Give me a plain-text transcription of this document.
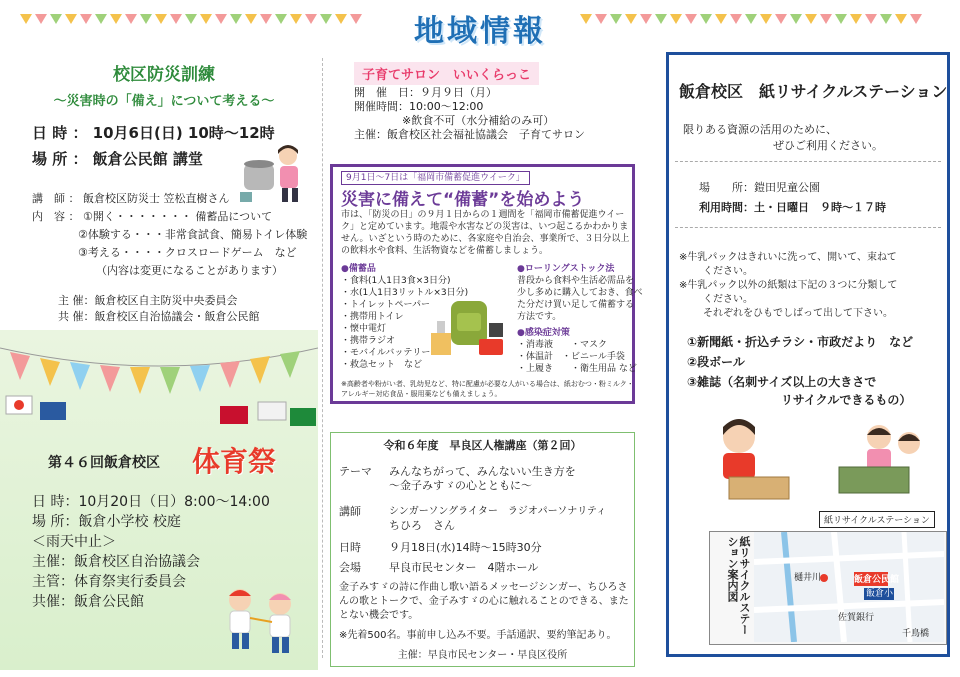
地域情報
校区防災訓練
～災害時の「備え」について考える～
日 時 ： 10月6日(日) 10時～12時
場 所 ： 飯倉公民館 講堂
講　師 ： 飯倉校区防災士 笠松直樹さん
内　容 ： ①開く・・・・・・・ 備蓄品について
②体験する・・・非常食試食、簡易トイレ体験
③考える・・・・クロスロードゲーム　など
（内容は変更になることがあります）
主 催：飯倉校区自主防災中央委員会
共 催：飯倉校区自治協議会・飯倉公民館
第４６回飯倉校区 体育祭
日 時：10月20日（日）8:00～14:00
場 所：飯倉小学校 校庭
＜雨天中止＞
主催：飯倉校区自治協議会
主管：体育祭実行委員会
共催：飯倉公民館
子育てサロン　いいくらっこ
開　催　日：９月９日（月）
開催時間：10:00～12:00
※飲食不可（水分補給のみ可）
主催：飯倉校区社会福祉協議会　子育てサロン
9月1日～7日は「福岡市備蓄促進ウイーク」
災害に備えて“備蓄”を始めよう
市は、「防災の日」の９月１日からの１週間を「福岡市備蓄促進ウイー
ク」と定めています。地震や水害などの災害は、いつ起こるかわかりま
せん。いざという時のために、各家庭や自治会、事業所で、３日分以上
の飲料水や食料、生活物資などを備蓄しましょう。
●備蓄品
・食料(1人1日3食×3日分)
・水(1人1日3リットル×3日分)
・トイレットペーパー
・携帯用トイレ
・懐中電灯
・携帯ラジオ
・モバイルバッテリー
・救急セット　など
●ローリングストック法
普段から食料や生活必需品を
少し多めに購入しておき、食べ
た分だけ買い足して備蓄する
方法です。
●感染症対策
・消毒液　　・マスク
・体温計　・ビニール手袋
・上履き　　・衛生用品 など
※高齢者や粉がい者、乳幼児など、特に配慮が必要な人がいる場合は、紙おむつ・粉ミルク・
アレルギー対応食品・服用薬なども備えましょう。
令和６年度　早良区人権講座（第２回）
テーマ みんなちがって、みんないい生き方を
～金子みすゞの心とともに～
講師	シンガーソングライター　ラジオパーソナリティ
ちひろ　さん
日時	９月18日(水)14時～15時30分
会場	早良市民センター　4階ホール
金子みすゞの詩に作曲し歌い語るメッセージシンガー、ちひろさ
んの歌とトークで、金子みすゞの心に触れることのできる、また
とない機会です。
※先着500名。事前申し込み不要。手話通訳、要約筆記あり。
主催：早良市民センター・早良区役所
飯倉校区　紙リサイクルステーション
限りある資源の活用のために、
ぜひご利用ください。
場　　所：鎧田児童公園
利用時間：土・日曜日　９時～１７時
※牛乳パックはきれいに洗って、開いて、束ねて
ください。
※牛乳パック以外の紙類は下記の３つに分類して
ください。
それぞれをひもでしばって出して下さい。
①新聞紙・折込チラシ・市政だより　など
②段ボール
③雑誌（名刺サイズ以上の大きさで
リサイクルできるもの）
紙リサイクルステーション
紙リサイクルステーション案内図	樋井川	飯倉公民館
飯倉小
佐賀銀行
千鳥橋
